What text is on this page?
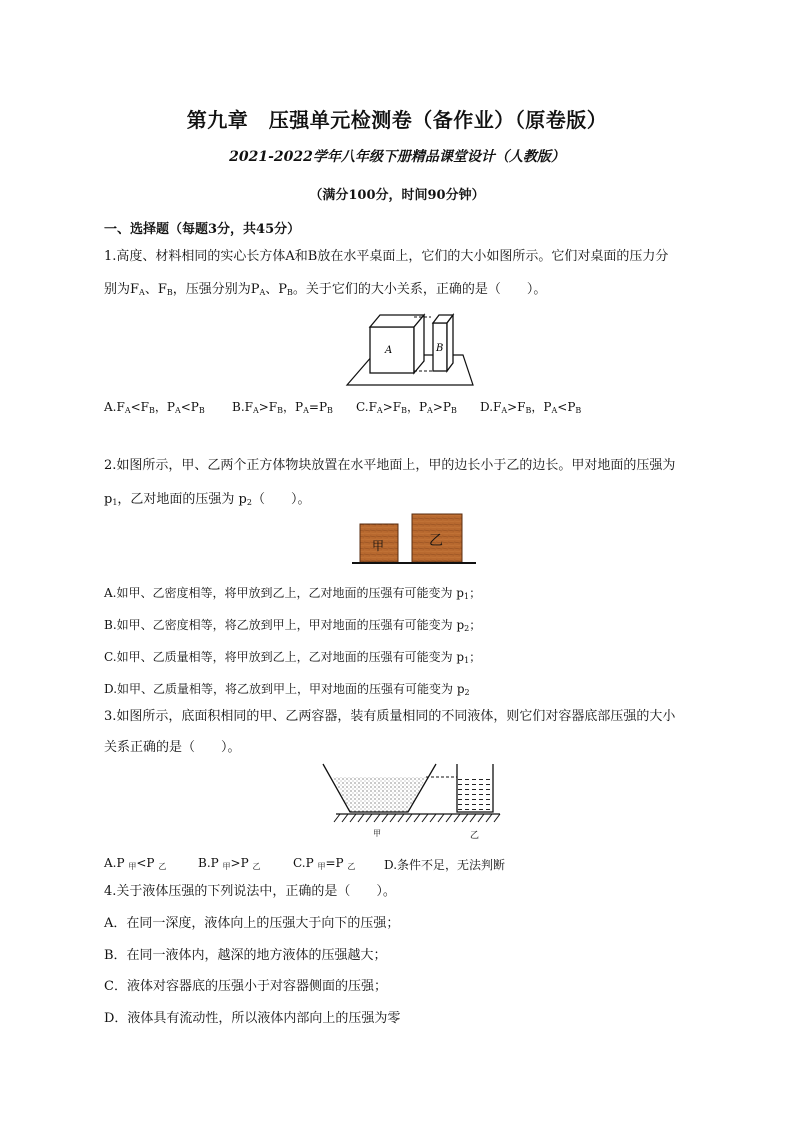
第九章　压强单元检测卷（备作业）（原卷版）
2021-2022学年八年级下册精品课堂设计（人教版）
（满分100分，时间90分钟）
一、选择题（每题3分，共45分）
1.高度、材料相同的实心长方体A和B放在水平桌面上，它们的大小如图所示。它们对桌面的压力分
别为$F_A$、$F_B$，压强分别为$P_A$、$P_B$。关于它们的大小关系，正确的是（　　）。
A	B
$A.F_A<F_B$，$P_A<P_B$ $B.F_A>F_B$，$P_A=P_B$ $C.F_A>F_B$，$P_A>P_B$ $D.F_A>F_B$，$P_A<P_B$
2.如图所示，甲、乙两个正方体物块放置在水平地面上，甲的边长小于乙的边长。甲对地面的压强为
$p_1$，乙对地面的压强为 $p_2$（　　）。
甲	乙
A.如甲、乙密度相等，将甲放到乙上，乙对地面的压强有可能变为 $p_1$；
B.如甲、乙密度相等，将乙放到甲上，甲对地面的压强有可能变为 $p_2$；
C.如甲、乙质量相等，将甲放到乙上，乙对地面的压强有可能变为 $p_1$；
D.如甲、乙质量相等，将乙放到甲上，甲对地面的压强有可能变为 $p_2$
3.如图所示，底面积相同的甲、乙两容器，装有质量相同的不同液体，则它们对容器底部压强的大小
关系正确的是（　　）。
甲	乙
A.P $_甲$<P $_乙$	B.P $_甲$>P $_乙$	C.P $_甲$=P $_乙$ D.条件不足，无法判断
4.关于液体压强的下列说法中，正确的是（　　）。
A．在同一深度，液体向上的压强大于向下的压强；
B．在同一液体内，越深的地方液体的压强越大；
C．液体对容器底的压强小于对容器侧面的压强；
D．液体具有流动性，所以液体内部向上的压强为零
